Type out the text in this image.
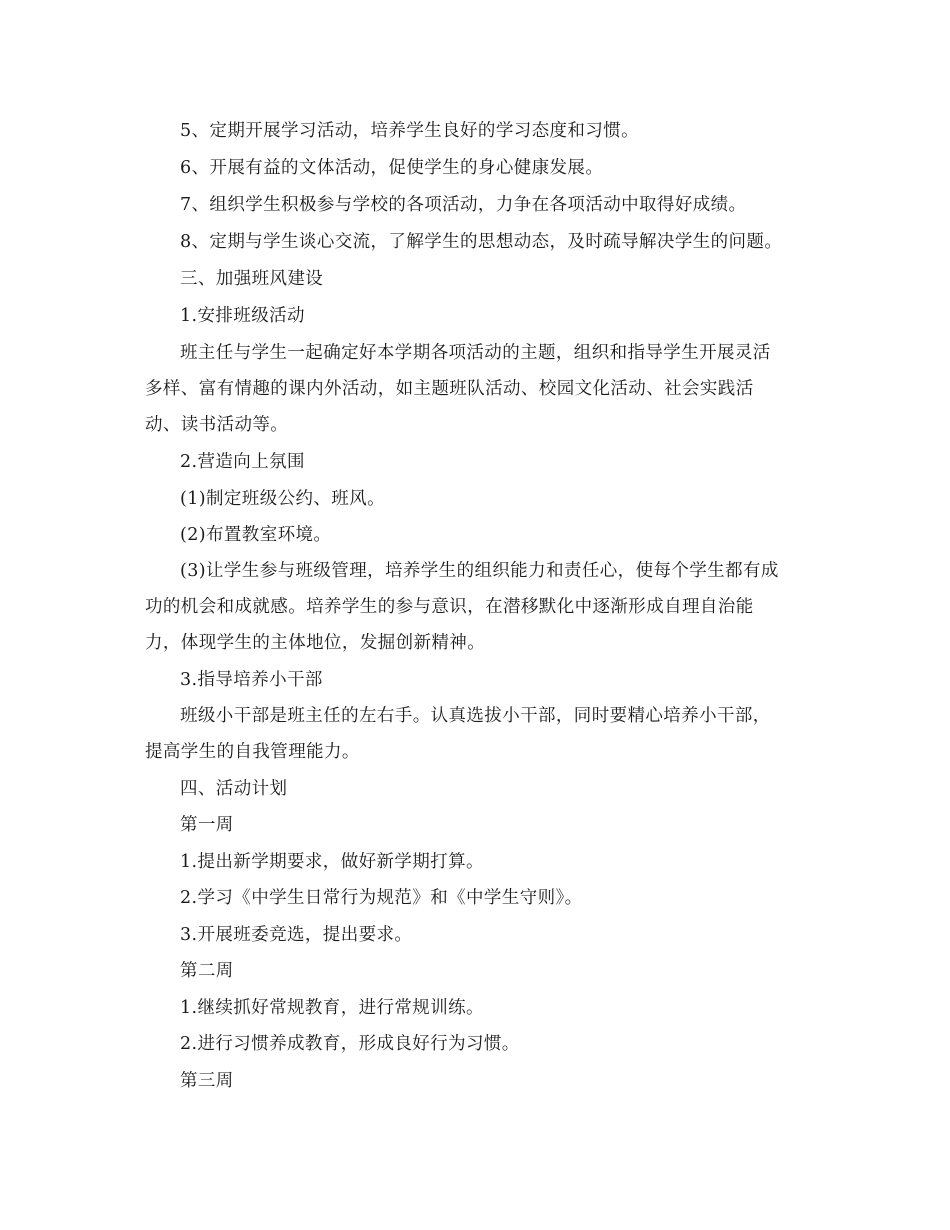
5、定期开展学习活动，培养学生良好的学习态度和习惯。

6、开展有益的文体活动，促使学生的身心健康发展。

7、组织学生积极参与学校的各项活动，力争在各项活动中取得好成绩。

8、定期与学生谈心交流，了解学生的思想动态，及时疏导解决学生的问题。

三、加强班风建设

1.安排班级活动

班主任与学生一起确定好本学期各项活动的主题，组织和指导学生开展灵活

多样、富有情趣的课内外活动，如主题班队活动、校园文化活动、社会实践活

动、读书活动等。

2.营造向上氛围

(1)制定班级公约、班风。

(2)布置教室环境。

(3)让学生参与班级管理，培养学生的组织能力和责任心，使每个学生都有成

功的机会和成就感。培养学生的参与意识，在潜移默化中逐渐形成自理自治能

力，体现学生的主体地位，发掘创新精神。

3.指导培养小干部

班级小干部是班主任的左右手。认真选拔小干部，同时要精心培养小干部，

提高学生的自我管理能力。

四、活动计划

第一周

1.提出新学期要求，做好新学期打算。

2.学习《中学生日常行为规范》和《中学生守则》。

3.开展班委竞选，提出要求。

第二周

1.继续抓好常规教育，进行常规训练。

2.进行习惯养成教育，形成良好行为习惯。

第三周
